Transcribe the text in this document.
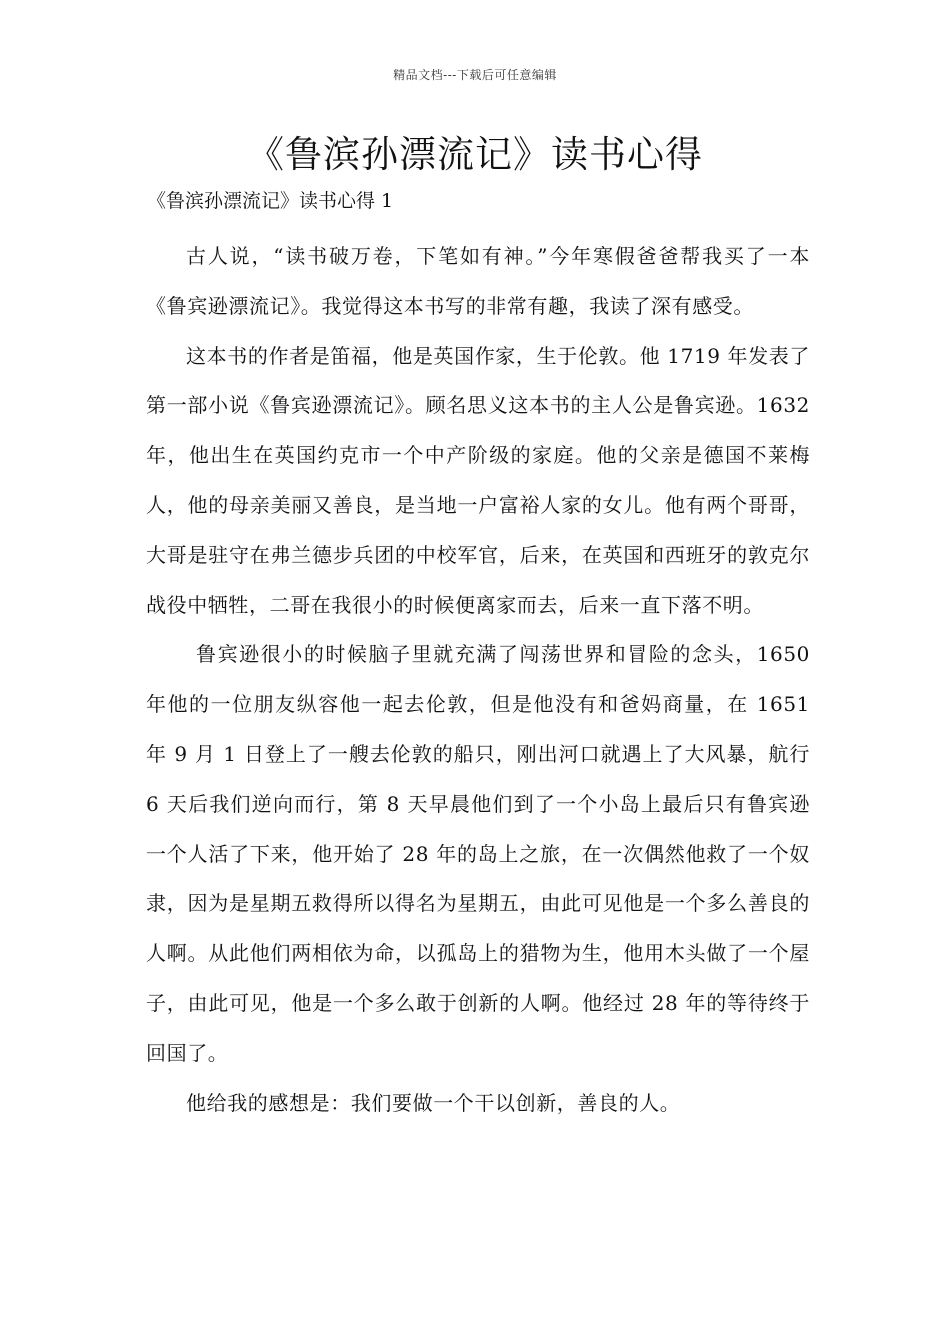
精品文档---下载后可任意编辑
《鲁滨孙漂流记》读书心得

《鲁滨孙漂流记》读书心得 1

古人说，“读书破万卷，下笔如有神。”今年寒假爸爸帮我买了一本《鲁宾逊漂流记》。我觉得这本书写的非常有趣，我读了深有感受。

这本书的作者是笛福，他是英国作家，生于伦敦。他 1719 年发表了第一部小说《鲁宾逊漂流记》。顾名思义这本书的主人公是鲁宾逊。1632 年，他出生在英国约克市一个中产阶级的家庭。他的父亲是德国不莱梅人，他的母亲美丽又善良，是当地一户富裕人家的女儿。他有两个哥哥，大哥是驻守在弗兰德步兵团的中校军官，后来，在英国和西班牙的敦克尔战役中牺牲，二哥在我很小的时候便离家而去，后来一直下落不明。

鲁宾逊很小的时候脑子里就充满了闯荡世界和冒险的念头，1650 年他的一位朋友纵容他一起去伦敦，但是他没有和爸妈商量，在 1651 年 9 月 1 日登上了一艘去伦敦的船只，刚出河口就遇上了大风暴，航行 6 天后我们逆向而行，第 8 天早晨他们到了一个小岛上最后只有鲁宾逊一个人活了下来，他开始了 28 年的岛上之旅，在一次偶然他救了一个奴隶，因为是星期五救得所以得名为星期五，由此可见他是一个多么善良的人啊。从此他们两相依为命，以孤岛上的猎物为生，他用木头做了一个屋子，由此可见，他是一个多么敢于创新的人啊。他经过 28 年的等待终于回国了。

他给我的感想是：我们要做一个干以创新，善良的人。
